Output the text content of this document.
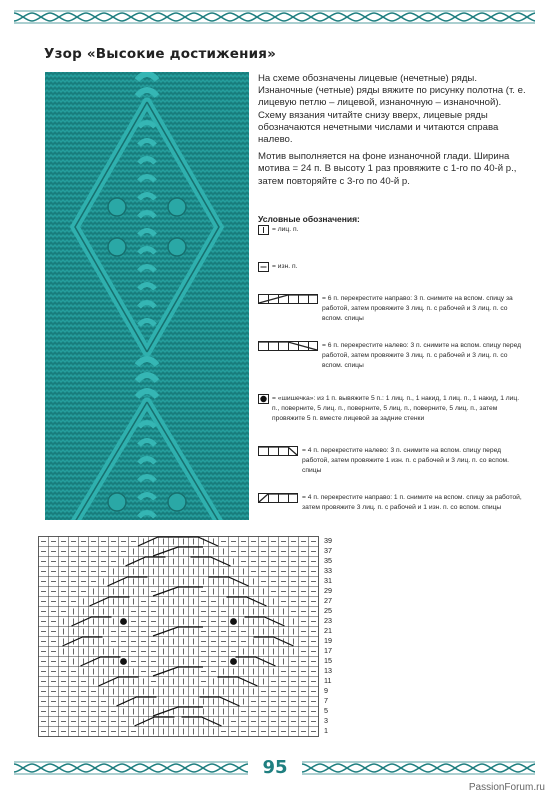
Узор «Высокие достижения»

На схеме обозначены лицевые (нечетные) ряды. Изнаночные (четные) ряды вяжите по рисунку полотна (т. е. лицевую петлю – лицевой, изнаночную – изнаночной). Схему вязания читайте снизу вверх, лицевые ряды обозначаются нечетными числами и читаются справа налево.

Мотив выполняется на фоне изнаночной глади. Ширина мотива = 24 п. В высоту 1 раз провяжите с 1-го по 40-й р., затем повторяйте с 3-го по 40-й р.

Условные обозначения:
= лиц. п.
= изн. п.
= 6 п. перекрестите направо: 3 п. снимите на вспом. спицу за работой, затем провяжите 3 лиц. п. с рабочей и 3 лиц. п. со вспом. спицы
= 6 п. перекрестите налево: 3 п. снимите на вспом. спицу перед работой, затем провяжите 3 лиц. п. с рабочей и 3 лиц. п. со вспом. спицы
= «шишечка»: из 1 п. вывяжите 5 п.: 1 лиц. п., 1 накид, 1 лиц. п., 1 накид, 1 лиц. п., поверните, 5 лиц. п., поверните, 5 лиц. п., поверните, 5 лиц. п., затем провяжите 5 п. вместе лицевой за задние стенки
= 4 п. перекрестите налево: 3 п. снимите на вспом. спицу перед работой, затем провяжите 1 изн. п. с рабочей и 3 лиц. п. со вспом. спицы
= 4 п. перекрестите направо: 1 п. снимите на вспом. спицу за работой, затем провяжите 3 лиц. п. с рабочей и 1 изн. п. со вспом. спицы
39
37
35
33
31
29
27
25
23
21
19
17
15
13
11
9
7
5
3
1
95
PassionForum.ru
